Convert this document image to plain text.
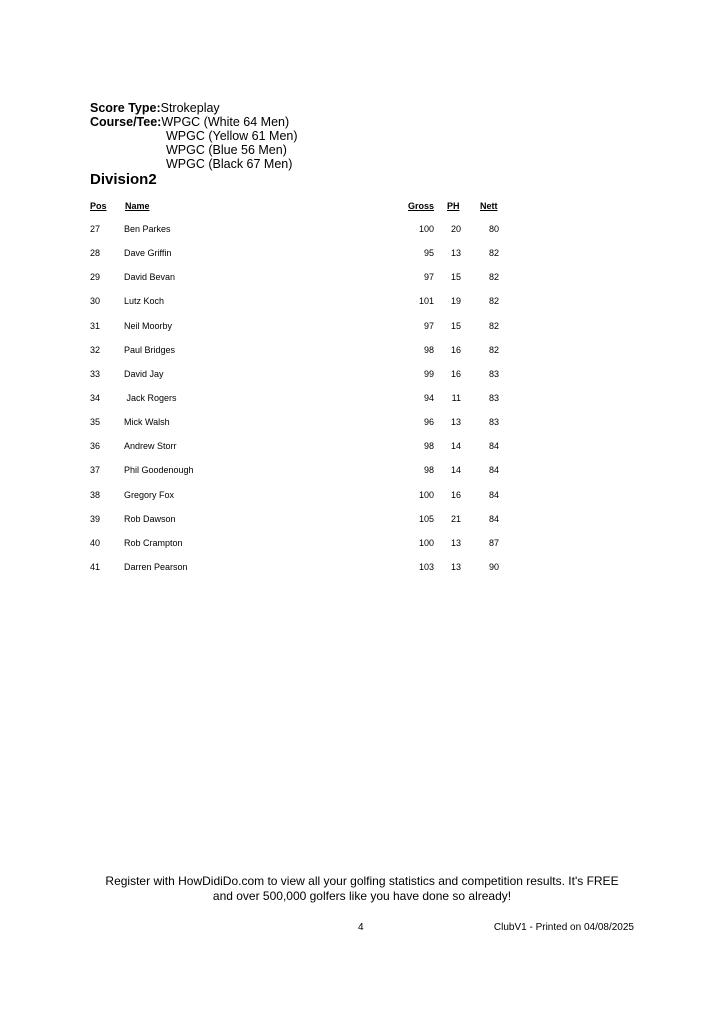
Score Type:Strokeplay
Course/Tee:WPGC (White 64 Men)
WPGC (Yellow 61 Men)
WPGC (Blue 56 Men)
WPGC (Black 67 Men)
Division2
Pos Name	Gross PH Nett
27	Ben Parkes	100	20	80
28	Dave Griffin	95	13	82
29	David Bevan	97	15	82
30	Lutz Koch	101	19	82
31	Neil Moorby	97	15	82
32	Paul Bridges	98	16	82
33	David Jay	99	16	83
34	Jack Rogers	94	11	83
35	Mick Walsh	96	13	83
36	Andrew Storr	98	14	84
37	Phil Goodenough	98	14	84
38	Gregory Fox	100	16	84
39	Rob Dawson	105	21	84
40	Rob Crampton	100	13	87
41	Darren Pearson	103	13	90
Register with HowDidiDo.com to view all your golfing statistics and competition results. It's FREE
and over 500,000 golfers like you have done so already!
4	ClubV1 - Printed on 04/08/2025
